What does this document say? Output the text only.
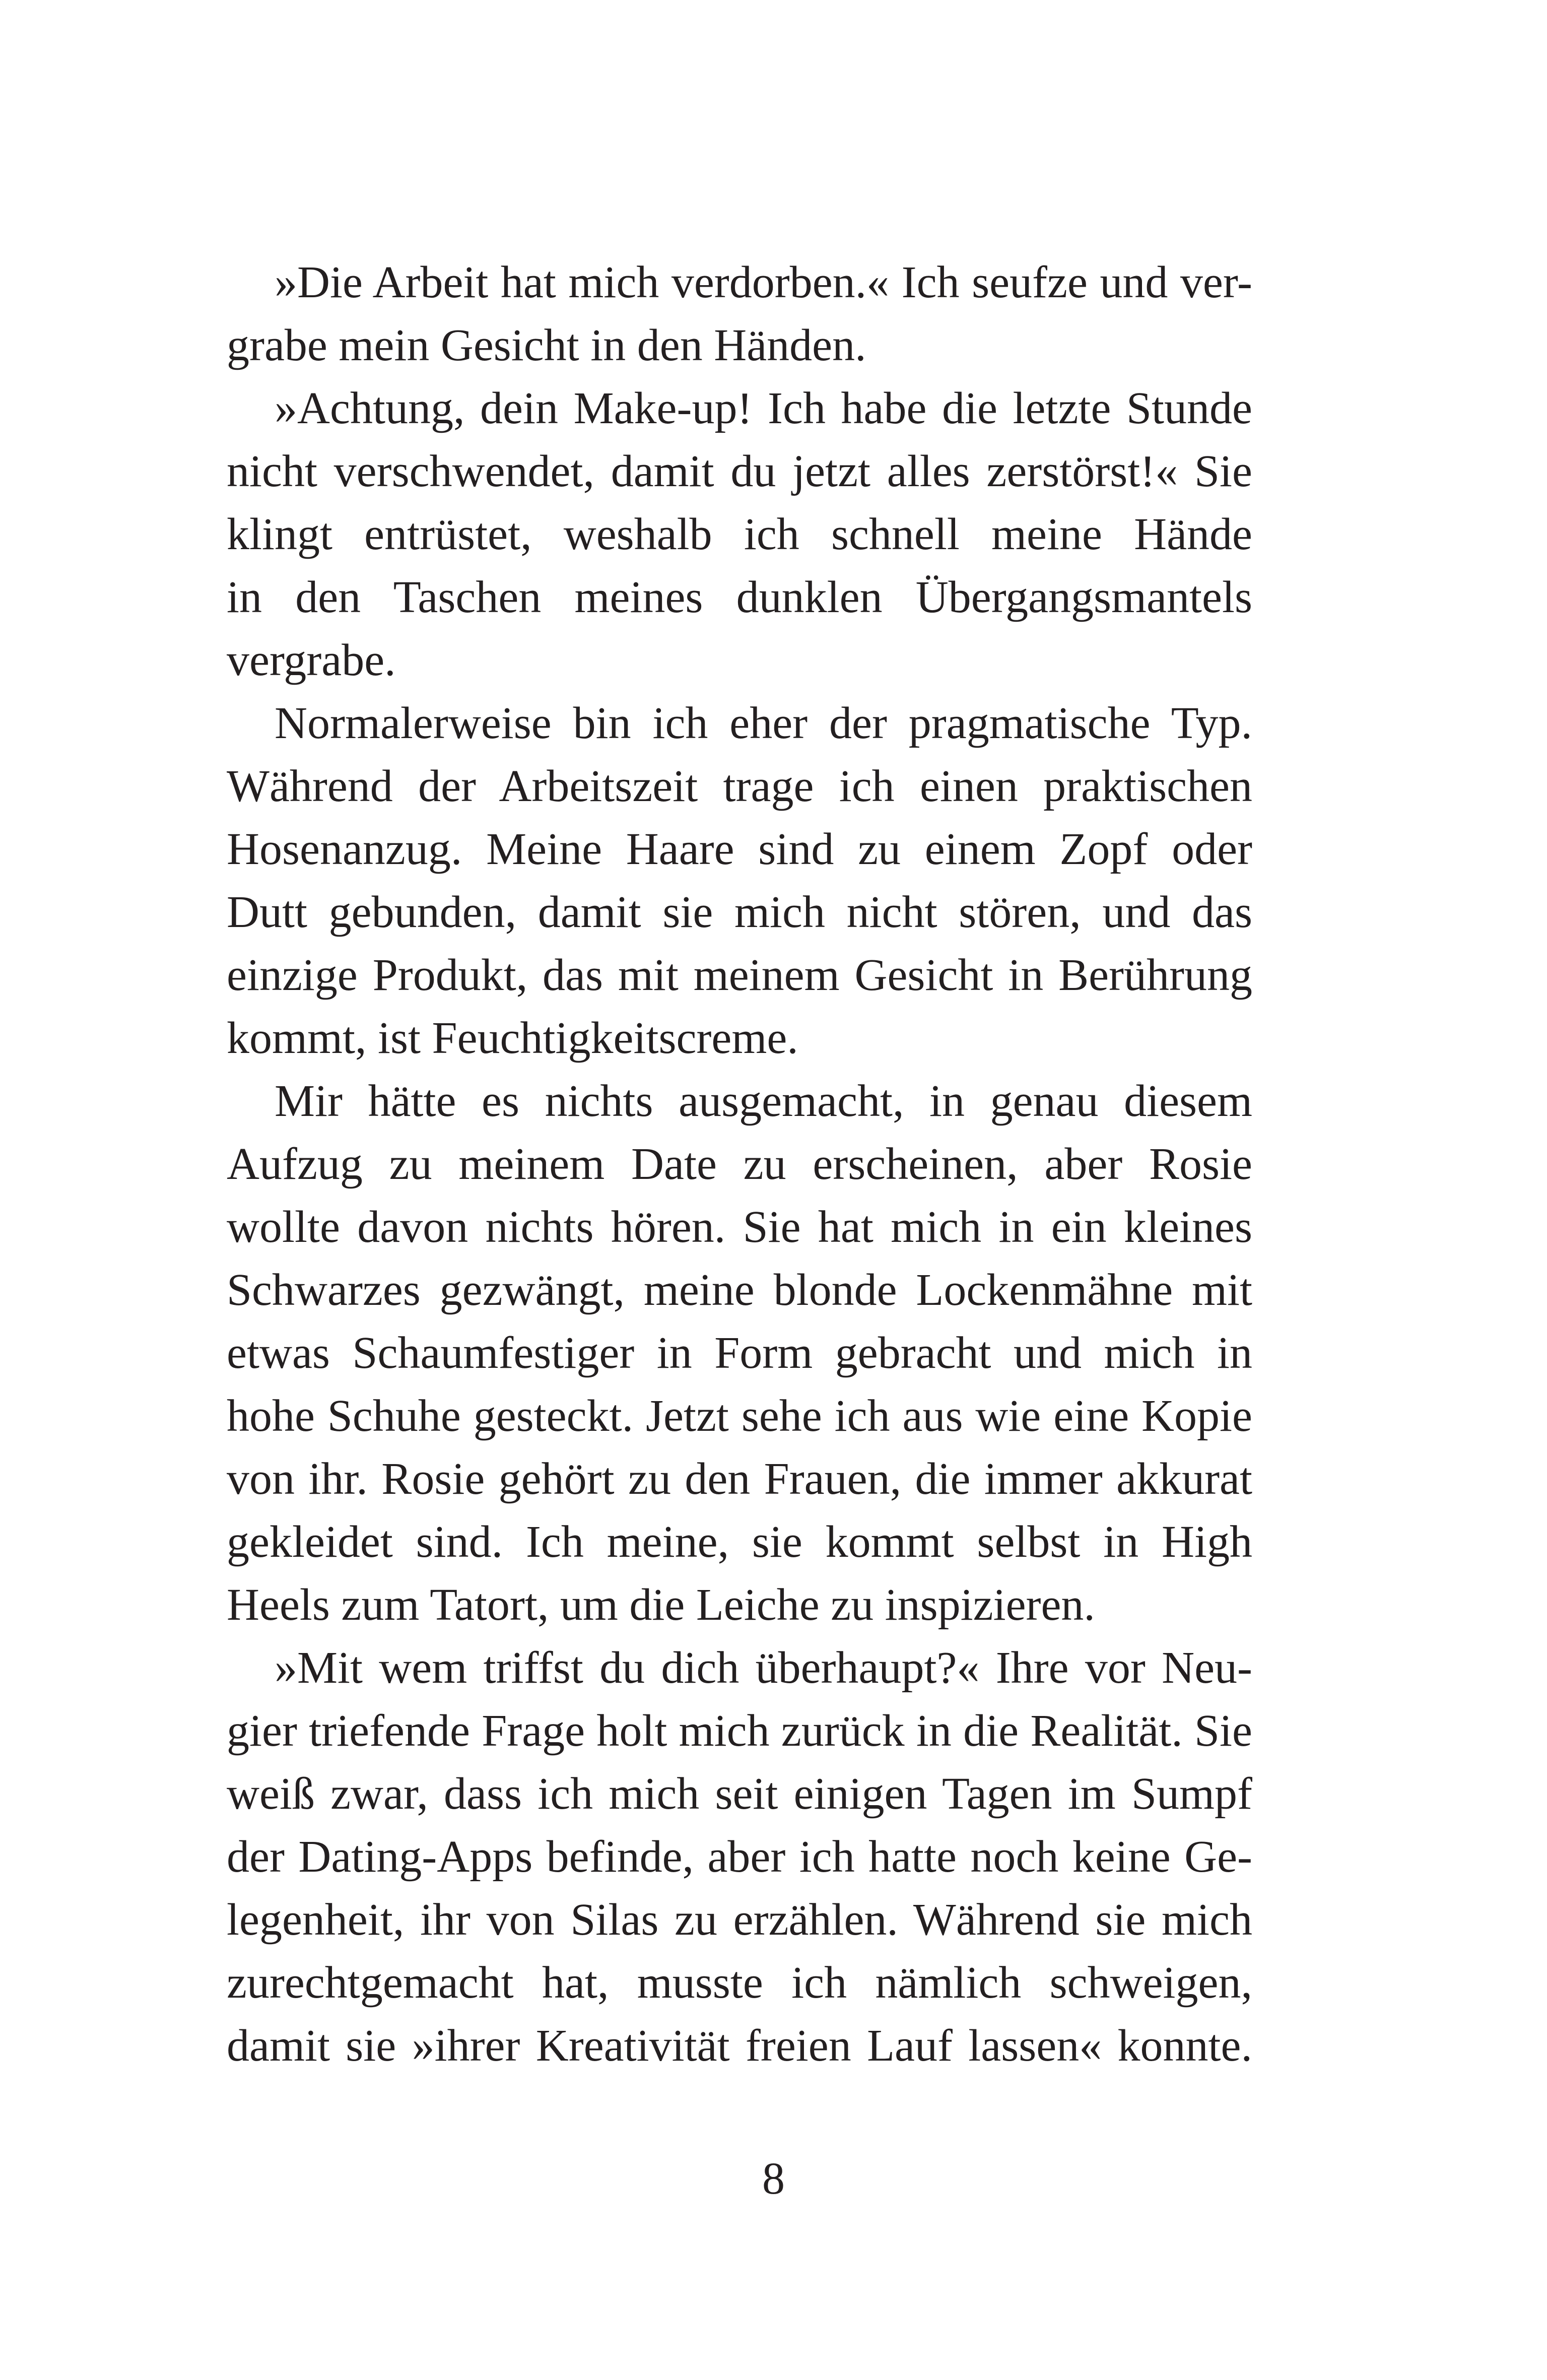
»Die Arbeit hat mich verdorben.« Ich seufze und ver-
grabe mein Gesicht in den Händen.
»Achtung, dein Make-up! Ich habe die letzte Stunde
nicht verschwendet, damit du jetzt alles zerstörst!« Sie
klingt entrüstet, weshalb ich schnell meine Hände
in den Taschen meines dunklen Übergangsmantels
vergrabe.
Normalerweise bin ich eher der pragmatische Typ.
Während der Arbeitszeit trage ich einen praktischen
Hosenanzug. Meine Haare sind zu einem Zopf oder
Dutt gebunden, damit sie mich nicht stören, und das
einzige Produkt, das mit meinem Gesicht in Berührung
kommt, ist Feuchtigkeitscreme.
Mir hätte es nichts ausgemacht, in genau diesem
Aufzug zu meinem Date zu erscheinen, aber Rosie
wollte davon nichts hören. Sie hat mich in ein kleines
Schwarzes gezwängt, meine blonde Lockenmähne mit
etwas Schaumfestiger in Form gebracht und mich in
hohe Schuhe gesteckt. Jetzt sehe ich aus wie eine Kopie
von ihr. Rosie gehört zu den Frauen, die immer akkurat
gekleidet sind. Ich meine, sie kommt selbst in High
Heels zum Tatort, um die Leiche zu inspizieren.
»Mit wem triffst du dich überhaupt?« Ihre vor Neu-
gier triefende Frage holt mich zurück in die Realität. Sie
weiß zwar, dass ich mich seit einigen Tagen im Sumpf
der Dating-Apps befinde, aber ich hatte noch keine Ge-
legenheit, ihr von Silas zu erzählen. Während sie mich
zurechtgemacht hat, musste ich nämlich schweigen,
damit sie »ihrer Kreativität freien Lauf lassen« konnte.
8
